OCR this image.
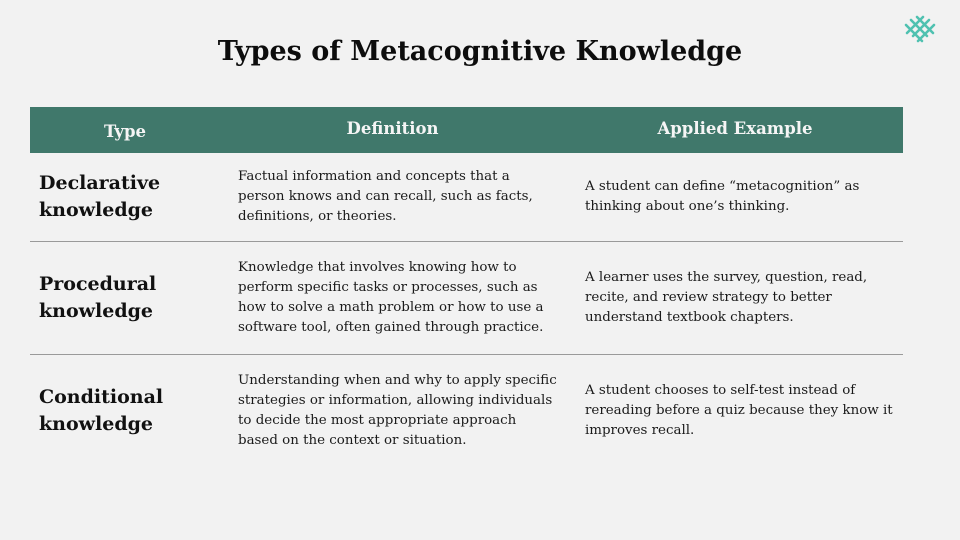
Types of Metacognitive Knowledge
Type	Definition	Applied Example
Declarative knowledge
Factual information and concepts that a person knows and can recall, such as facts, definitions, or theories.
A student can define “metacognition” as thinking about one’s thinking.
Procedural knowledge
Knowledge that involves knowing how to perform specific tasks or processes, such as how to solve a math problem or how to use a software tool, often gained through practice.
A learner uses the survey, question, read, recite, and review strategy to better understand textbook chapters.
Conditional knowledge
Understanding when and why to apply specific strategies or information, allowing individuals to decide the most appropriate approach based on the context or situation.
A student chooses to self-test instead of rereading before a quiz because they know it improves recall.
